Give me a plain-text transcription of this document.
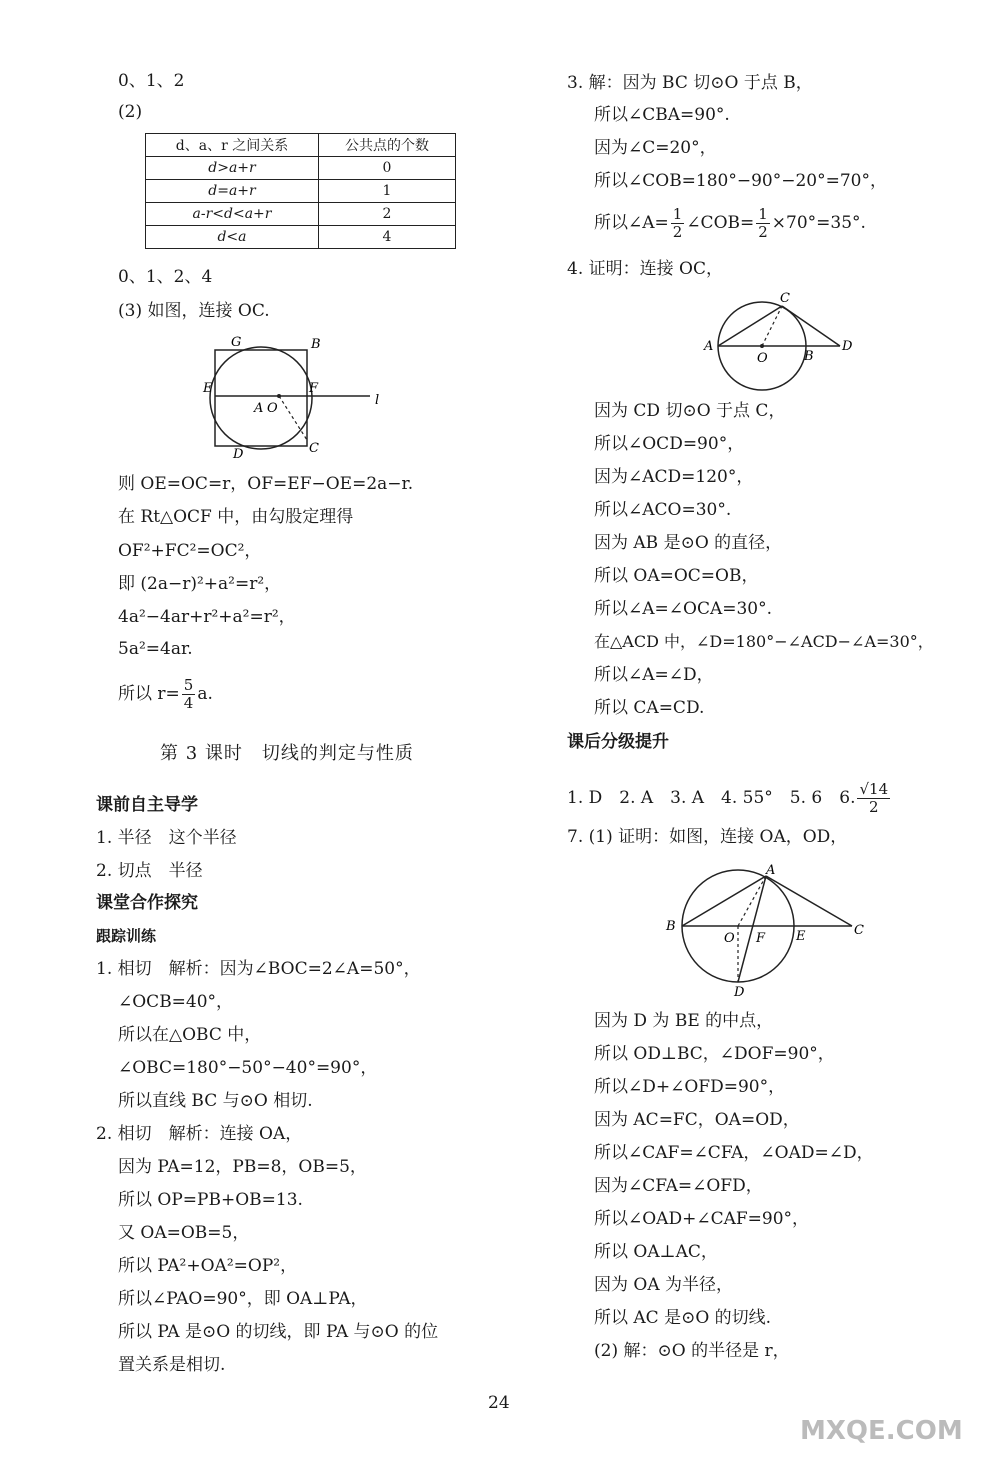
0、1、2
(2)
d、a、r 之间关系	公共点的个数
d>a+r	0
d=a+r	1
a-r<d<a+r	2
d<a	4
0、1、2、4
(3) 如图，连接 OC.
G	B
E	F
A O
l
D	C
则 OE=OC=r，OF=EF−OE=2a−r.
在 Rt△OCF 中，由勾股定理得
OF²+FC²=OC²，
即 (2a−r)²+a²=r²，
4a²−4ar+r²+a²=r²，
5a²=4ar.
所以 $r= \frac{5}{4} a$.
第 3 课时　切线的判定与性质
课前自主导学
1. 半径　这个半径
2. 切点　半径
课堂合作探究
跟踪训练
1. 相切　解析：因为∠BOC=2∠A=50°，
∠OCB=40°，
所以在△OBC 中，
∠OBC=180°−50°−40°=90°，
所以直线 BC 与⊙O 相切.
2. 相切　解析：连接 OA，
因为 PA=12，PB=8，OB=5，
所以 OP=PB+OB=13.
又 OA=OB=5，
所以 PA²+OA²=OP²，
所以∠PAO=90°，即 OA⊥PA，
所以 PA 是⊙O 的切线，即 PA 与⊙O 的位
置关系是相切.
3. 解：因为 BC 切⊙O 于点 B，
所以∠CBA=90°.
因为∠C=20°，
所以∠COB=180°−90°−20°=70°，
所以∠A= $\frac{1}{2}$ ∠COB= $\frac{1}{2} \times 70^\circ=35^\circ$.
4. 证明：连接 OC，
A
O	B
C
D
因为 CD 切⊙O 于点 C，
所以∠OCD=90°，
因为∠ACD=120°，
所以∠ACO=30°.
因为 AB 是⊙O 的直径，
所以 OA=OC=OB，
所以∠A=∠OCA=30°.
在△ACD 中，∠D=180°−∠ACD−∠A=30°，
所以∠A=∠D，
所以 CA=CD.
课后分级提升
1. D　2. A　3. A　4. 55°　5. 6　6. $\frac{√14}{2}$
7. (1) 证明：如图，连接 OA，OD，
A
B
O F E	C
D
因为 D 为 BE 的中点，
所以 OD⊥BC，∠DOF=90°，
所以∠D+∠OFD=90°，
因为 AC=FC，OA=OD，
所以∠CAF=∠CFA，∠OAD=∠D，
因为∠CFA=∠OFD，
所以∠OAD+∠CAF=90°，
所以 OA⊥AC，
因为 OA 为半径，
所以 AC 是⊙O 的切线.
(2) 解：⊙O 的半径是 r，
24
MXQE.COM
